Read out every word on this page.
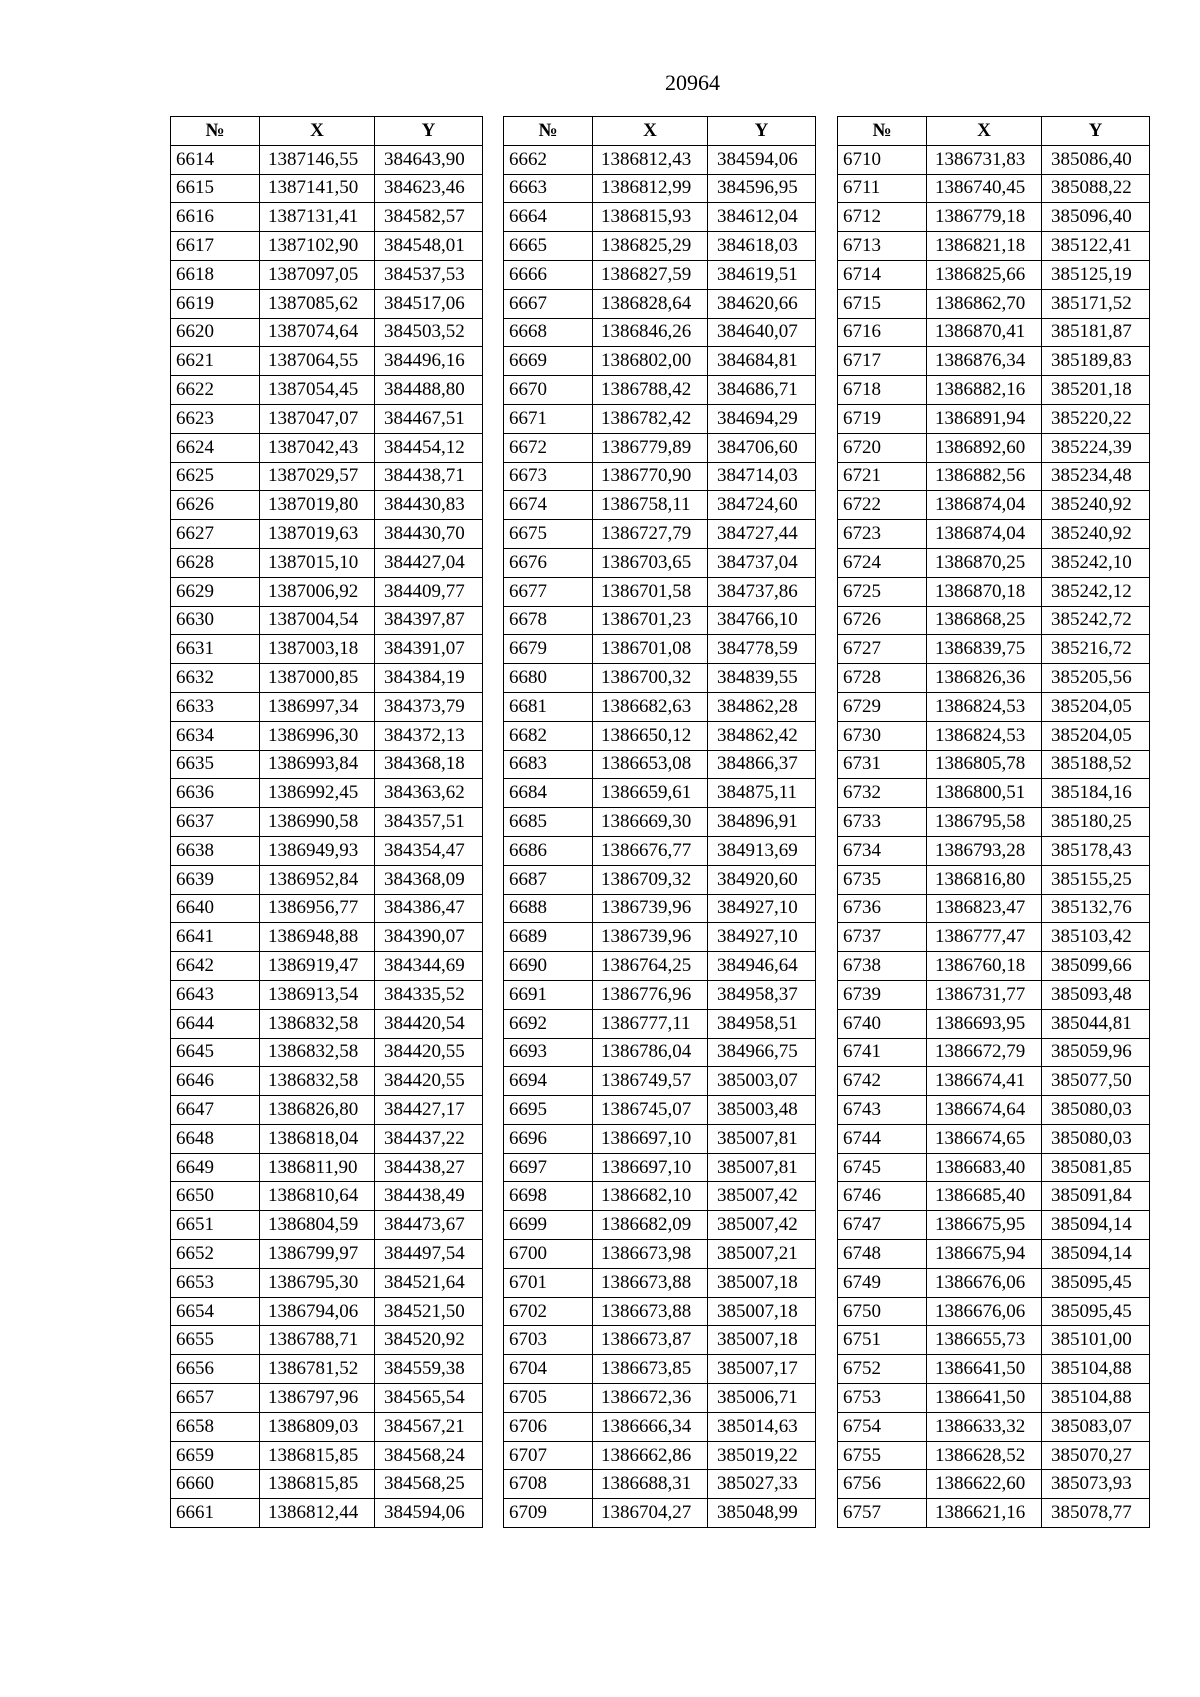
20964
№	X	Y
6614	1387146,55	384643,90
6615	1387141,50	384623,46
6616	1387131,41	384582,57
6617	1387102,90	384548,01
6618	1387097,05	384537,53
6619	1387085,62	384517,06
6620	1387074,64	384503,52
6621	1387064,55	384496,16
6622	1387054,45	384488,80
6623	1387047,07	384467,51
6624	1387042,43	384454,12
6625	1387029,57	384438,71
6626	1387019,80	384430,83
6627	1387019,63	384430,70
6628	1387015,10	384427,04
6629	1387006,92	384409,77
6630	1387004,54	384397,87
6631	1387003,18	384391,07
6632	1387000,85	384384,19
6633	1386997,34	384373,79
6634	1386996,30	384372,13
6635	1386993,84	384368,18
6636	1386992,45	384363,62
6637	1386990,58	384357,51
6638	1386949,93	384354,47
6639	1386952,84	384368,09
6640	1386956,77	384386,47
6641	1386948,88	384390,07
6642	1386919,47	384344,69
6643	1386913,54	384335,52
6644	1386832,58	384420,54
6645	1386832,58	384420,55
6646	1386832,58	384420,55
6647	1386826,80	384427,17
6648	1386818,04	384437,22
6649	1386811,90	384438,27
6650	1386810,64	384438,49
6651	1386804,59	384473,67
6652	1386799,97	384497,54
6653	1386795,30	384521,64
6654	1386794,06	384521,50
6655	1386788,71	384520,92
6656	1386781,52	384559,38
6657	1386797,96	384565,54
6658	1386809,03	384567,21
6659	1386815,85	384568,24
6660	1386815,85	384568,25
6661	1386812,44	384594,06
№	X	Y
6662	1386812,43	384594,06
6663	1386812,99	384596,95
6664	1386815,93	384612,04
6665	1386825,29	384618,03
6666	1386827,59	384619,51
6667	1386828,64	384620,66
6668	1386846,26	384640,07
6669	1386802,00	384684,81
6670	1386788,42	384686,71
6671	1386782,42	384694,29
6672	1386779,89	384706,60
6673	1386770,90	384714,03
6674	1386758,11	384724,60
6675	1386727,79	384727,44
6676	1386703,65	384737,04
6677	1386701,58	384737,86
6678	1386701,23	384766,10
6679	1386701,08	384778,59
6680	1386700,32	384839,55
6681	1386682,63	384862,28
6682	1386650,12	384862,42
6683	1386653,08	384866,37
6684	1386659,61	384875,11
6685	1386669,30	384896,91
6686	1386676,77	384913,69
6687	1386709,32	384920,60
6688	1386739,96	384927,10
6689	1386739,96	384927,10
6690	1386764,25	384946,64
6691	1386776,96	384958,37
6692	1386777,11	384958,51
6693	1386786,04	384966,75
6694	1386749,57	385003,07
6695	1386745,07	385003,48
6696	1386697,10	385007,81
6697	1386697,10	385007,81
6698	1386682,10	385007,42
6699	1386682,09	385007,42
6700	1386673,98	385007,21
6701	1386673,88	385007,18
6702	1386673,88	385007,18
6703	1386673,87	385007,18
6704	1386673,85	385007,17
6705	1386672,36	385006,71
6706	1386666,34	385014,63
6707	1386662,86	385019,22
6708	1386688,31	385027,33
6709	1386704,27	385048,99
№	X	Y
6710	1386731,83	385086,40
6711	1386740,45	385088,22
6712	1386779,18	385096,40
6713	1386821,18	385122,41
6714	1386825,66	385125,19
6715	1386862,70	385171,52
6716	1386870,41	385181,87
6717	1386876,34	385189,83
6718	1386882,16	385201,18
6719	1386891,94	385220,22
6720	1386892,60	385224,39
6721	1386882,56	385234,48
6722	1386874,04	385240,92
6723	1386874,04	385240,92
6724	1386870,25	385242,10
6725	1386870,18	385242,12
6726	1386868,25	385242,72
6727	1386839,75	385216,72
6728	1386826,36	385205,56
6729	1386824,53	385204,05
6730	1386824,53	385204,05
6731	1386805,78	385188,52
6732	1386800,51	385184,16
6733	1386795,58	385180,25
6734	1386793,28	385178,43
6735	1386816,80	385155,25
6736	1386823,47	385132,76
6737	1386777,47	385103,42
6738	1386760,18	385099,66
6739	1386731,77	385093,48
6740	1386693,95	385044,81
6741	1386672,79	385059,96
6742	1386674,41	385077,50
6743	1386674,64	385080,03
6744	1386674,65	385080,03
6745	1386683,40	385081,85
6746	1386685,40	385091,84
6747	1386675,95	385094,14
6748	1386675,94	385094,14
6749	1386676,06	385095,45
6750	1386676,06	385095,45
6751	1386655,73	385101,00
6752	1386641,50	385104,88
6753	1386641,50	385104,88
6754	1386633,32	385083,07
6755	1386628,52	385070,27
6756	1386622,60	385073,93
6757	1386621,16	385078,77
